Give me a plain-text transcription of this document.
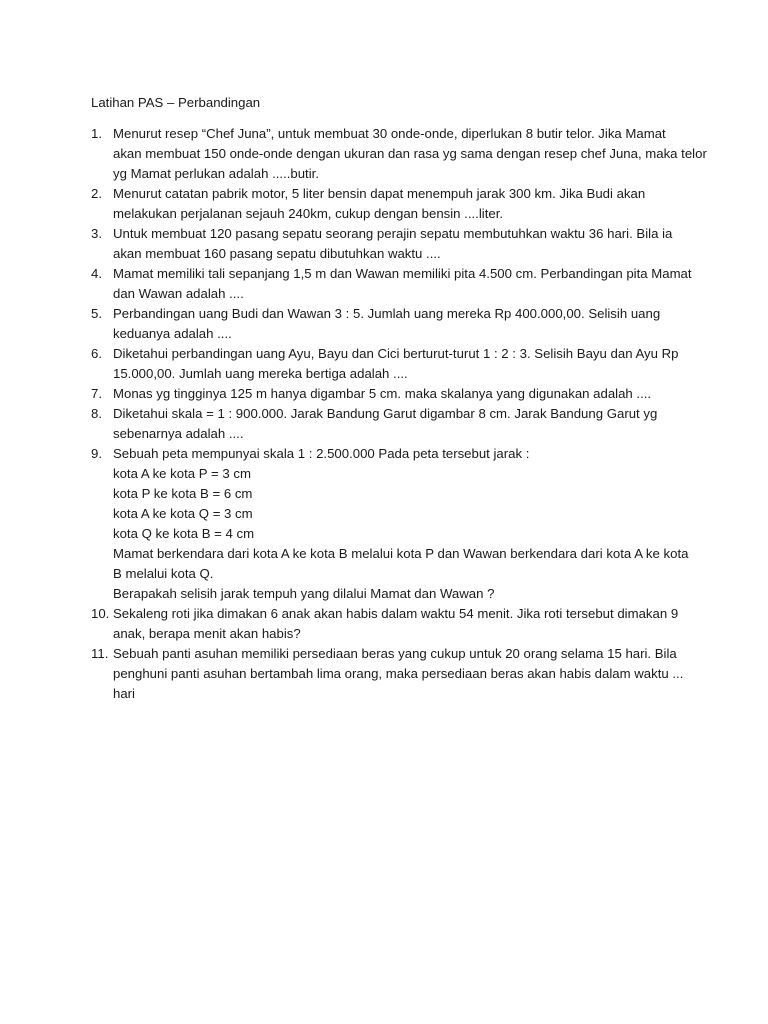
Latihan PAS – Perbandingan
1. Menurut resep “Chef Juna”, untuk membuat 30 onde-onde, diperlukan 8 butir telor. Jika Mamat
akan membuat 150 onde-onde dengan ukuran dan rasa yg sama dengan resep chef Juna, maka telor
yg Mamat perlukan adalah .....butir.
2. Menurut catatan pabrik motor, 5 liter bensin dapat menempuh jarak 300 km. Jika Budi akan
melakukan perjalanan sejauh 240km, cukup dengan bensin ....liter.
3. Untuk membuat 120 pasang sepatu seorang perajin sepatu membutuhkan waktu 36 hari. Bila ia
akan membuat 160 pasang sepatu dibutuhkan waktu ....
4. Mamat memiliki tali sepanjang 1,5 m dan Wawan memiliki pita 4.500 cm. Perbandingan pita Mamat
dan Wawan adalah ....
5. Perbandingan uang Budi dan Wawan 3 : 5. Jumlah uang mereka Rp 400.000,00. Selisih uang
keduanya adalah ....
6. Diketahui perbandingan uang Ayu, Bayu dan Cici berturut-turut 1 : 2 : 3. Selisih Bayu dan Ayu Rp
15.000,00. Jumlah uang mereka bertiga adalah ....
7. Monas yg tingginya 125 m hanya digambar 5 cm. maka skalanya yang digunakan adalah ....
8. Diketahui skala = 1 : 900.000. Jarak Bandung Garut digambar 8 cm. Jarak Bandung Garut yg
sebenarnya adalah ....
9. Sebuah peta mempunyai skala 1 : 2.500.000 Pada peta tersebut jarak :
kota A ke kota P = 3 cm
kota P ke kota B = 6 cm
kota A ke kota Q = 3 cm
kota Q ke kota B = 4 cm
Mamat berkendara dari kota A ke kota B melalui kota P dan Wawan berkendara dari kota A ke kota
B melalui kota Q.
Berapakah selisih jarak tempuh yang dilalui Mamat dan Wawan ?
10. Sekaleng roti jika dimakan 6 anak akan habis dalam waktu 54 menit. Jika roti tersebut dimakan 9
anak, berapa menit akan habis?
11. Sebuah panti asuhan memiliki persediaan beras yang cukup untuk 20 orang selama 15 hari. Bila
penghuni panti asuhan bertambah lima orang, maka persediaan beras akan habis dalam waktu ...
hari
